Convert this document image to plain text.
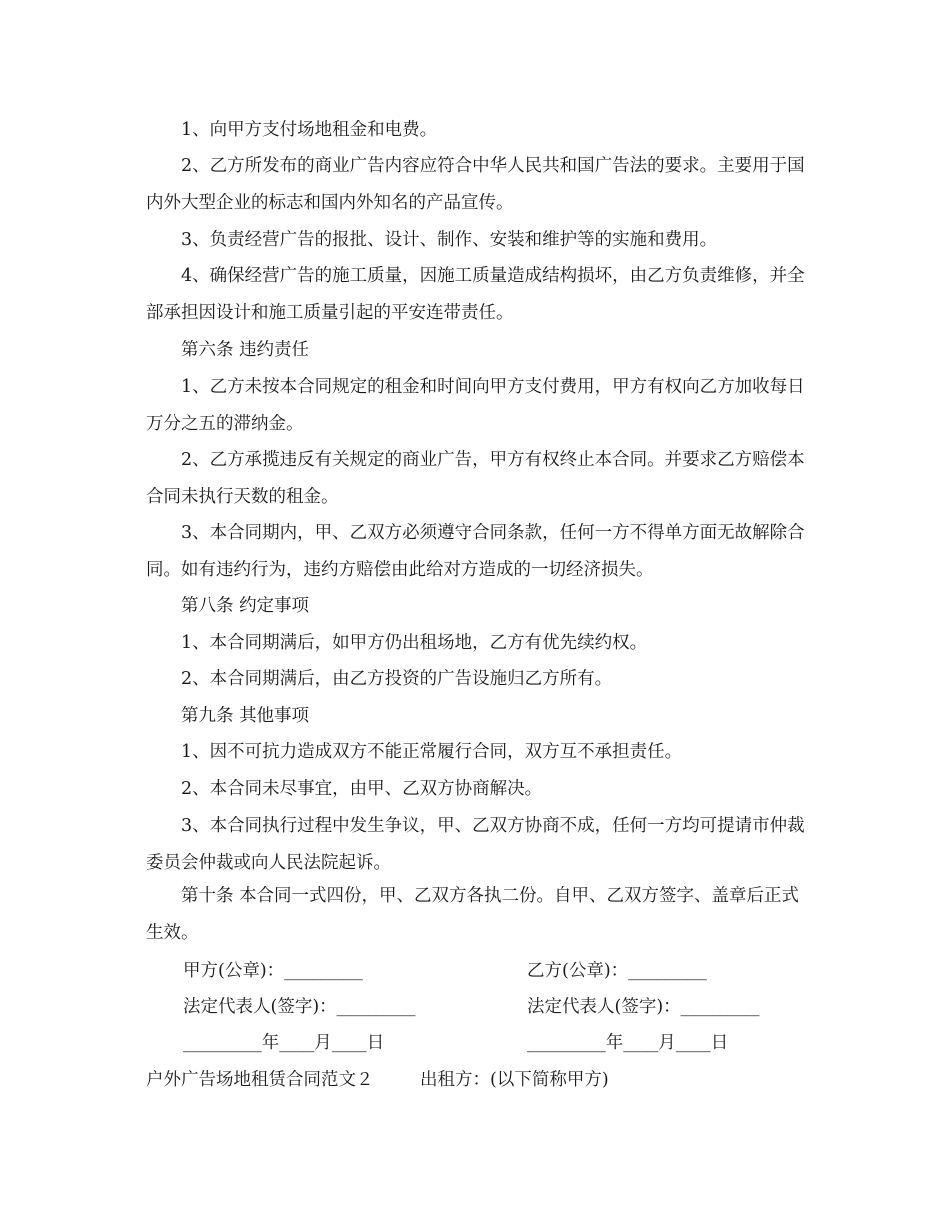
1、向甲方支付场地租金和电费。
2、乙方所发布的商业广告内容应符合中华人民共和国广告法的要求。主要用于国内外大型企业的标志和国内外知名的产品宣传。
3、负责经营广告的报批、设计、制作、安装和维护等的实施和费用。
4、确保经营广告的施工质量，因施工质量造成结构损坏，由乙方负责维修，并全部承担因设计和施工质量引起的平安连带责任。
第六条 违约责任
1、乙方未按本合同规定的租金和时间向甲方支付费用，甲方有权向乙方加收每日万分之五的滞纳金。
2、乙方承揽违反有关规定的商业广告，甲方有权终止本合同。并要求乙方赔偿本合同未执行天数的租金。
3、本合同期内，甲、乙双方必须遵守合同条款，任何一方不得单方面无故解除合同。如有违约行为，违约方赔偿由此给对方造成的一切经济损失。
第八条 约定事项
1、本合同期满后，如甲方仍出租场地，乙方有优先续约权。
2、本合同期满后，由乙方投资的广告设施归乙方所有。
第九条 其他事项
1、因不可抗力造成双方不能正常履行合同，双方互不承担责任。
2、本合同未尽事宜，由甲、乙双方协商解决。
3、本合同执行过程中发生争议，甲、乙双方协商不成，任何一方均可提请市仲裁委员会仲裁或向人民法院起诉。
第十条 本合同一式四份，甲、乙双方各执二份。自甲、乙双方签字、盖章后正式生效。
甲方(公章)：_________	乙方(公章)：_________
法定代表人(签字)：_________	法定代表人(签字)：_________
_________年____月____日	_________年____月____日
户外广告场地租赁合同范文２	出租方：(以下简称甲方)
